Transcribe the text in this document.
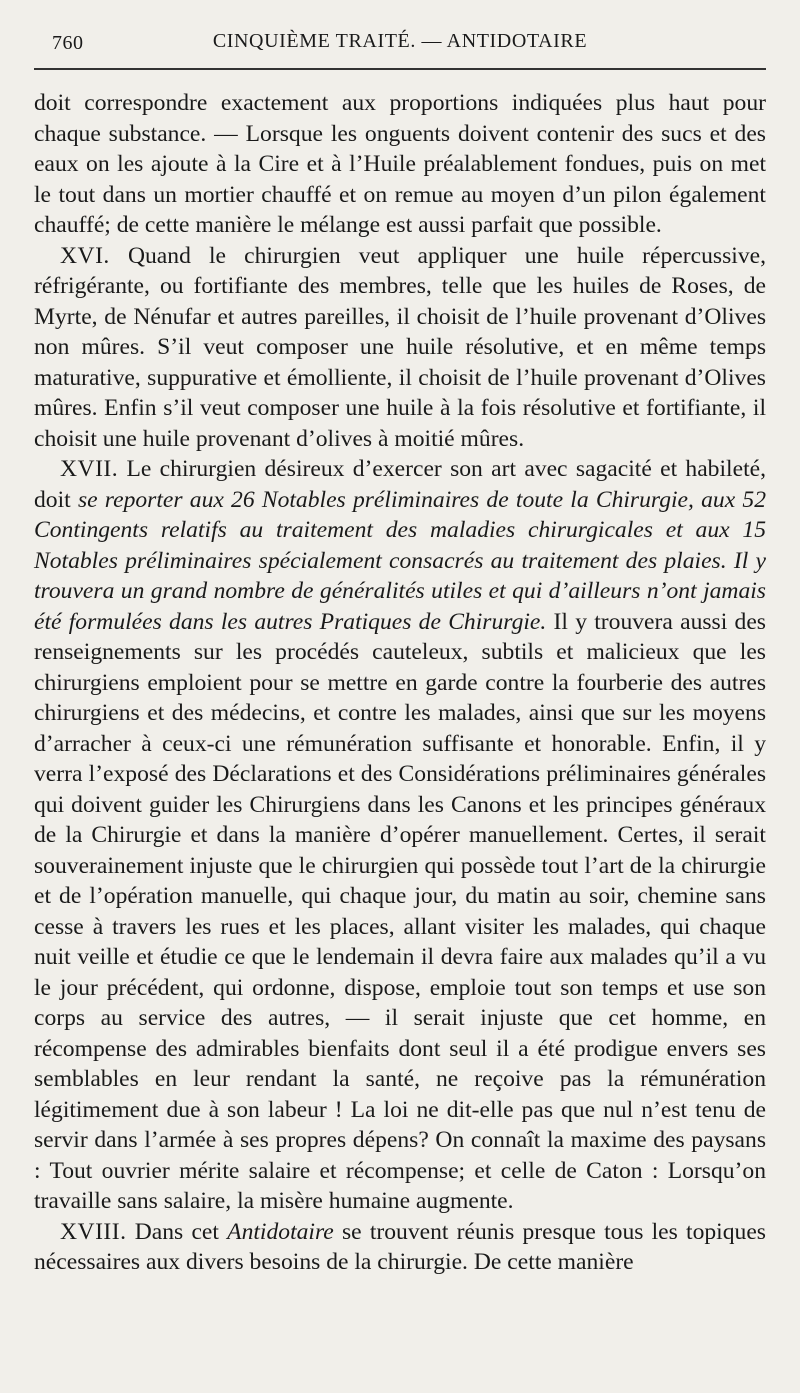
760	CINQUIÈME TRAITÉ. — ANTIDOTAIRE

doit correspondre exactement aux proportions indiquées plus haut pour chaque substance. — Lorsque les onguents doivent contenir des sucs et des eaux on les ajoute à la Cire et à l’Huile préalablement fondues, puis on met le tout dans un mortier chauffé et on remue au moyen d’un pilon également chauffé; de cette manière le mélange est aussi parfait que possible.

XVI. Quand le chirurgien veut appliquer une huile répercussive, réfrigérante, ou fortifiante des membres, telle que les huiles de Roses, de Myrte, de Nénufar et autres pareilles, il choisit de l’huile provenant d’Olives non mûres. S’il veut composer une huile résolutive, et en même temps maturative, suppurative et émolliente, il choisit de l’huile provenant d’Olives mûres. Enfin s’il veut composer une huile à la fois résolutive et fortifiante, il choisit une huile provenant d’olives à moitié mûres.

XVII. Le chirurgien désireux d’exercer son art avec sagacité et habileté, doit se reporter aux 26 Notables préliminaires de toute la Chirurgie, aux 52 Contingents relatifs au traitement des maladies chirurgicales et aux 15 Notables préliminaires spécialement consacrés au traitement des plaies. Il y trouvera un grand nombre de généralités utiles et qui d’ailleurs n’ont jamais été formulées dans les autres Pratiques de Chirurgie. Il y trouvera aussi des renseignements sur les procédés cauteleux, subtils et malicieux que les chirurgiens emploient pour se mettre en garde contre la fourberie des autres chirurgiens et des médecins, et contre les malades, ainsi que sur les moyens d’arracher à ceux-ci une rémunération suffisante et honorable. Enfin, il y verra l’exposé des Déclarations et des Considérations préliminaires générales qui doivent guider les Chirurgiens dans les Canons et les principes généraux de la Chirurgie et dans la manière d’opérer manuellement. Certes, il serait souverainement injuste que le chirurgien qui possède tout l’art de la chirurgie et de l’opération manuelle, qui chaque jour, du matin au soir, chemine sans cesse à travers les rues et les places, allant visiter les malades, qui chaque nuit veille et étudie ce que le lendemain il devra faire aux malades qu’il a vu le jour précédent, qui ordonne, dispose, emploie tout son temps et use son corps au service des autres, — il serait injuste que cet homme, en récompense des admirables bienfaits dont seul il a été prodigue envers ses semblables en leur rendant la santé, ne reçoive pas la rémunération légitimement due à son labeur ! La loi ne dit-elle pas que nul n’est tenu de servir dans l’armée à ses propres dépens? On connaît la maxime des paysans : Tout ouvrier mérite salaire et récompense; et celle de Caton : Lorsqu’on travaille sans salaire, la misère humaine augmente.

XVIII. Dans cet Antidotaire se trouvent réunis presque tous les topiques nécessaires aux divers besoins de la chirurgie. De cette manière
